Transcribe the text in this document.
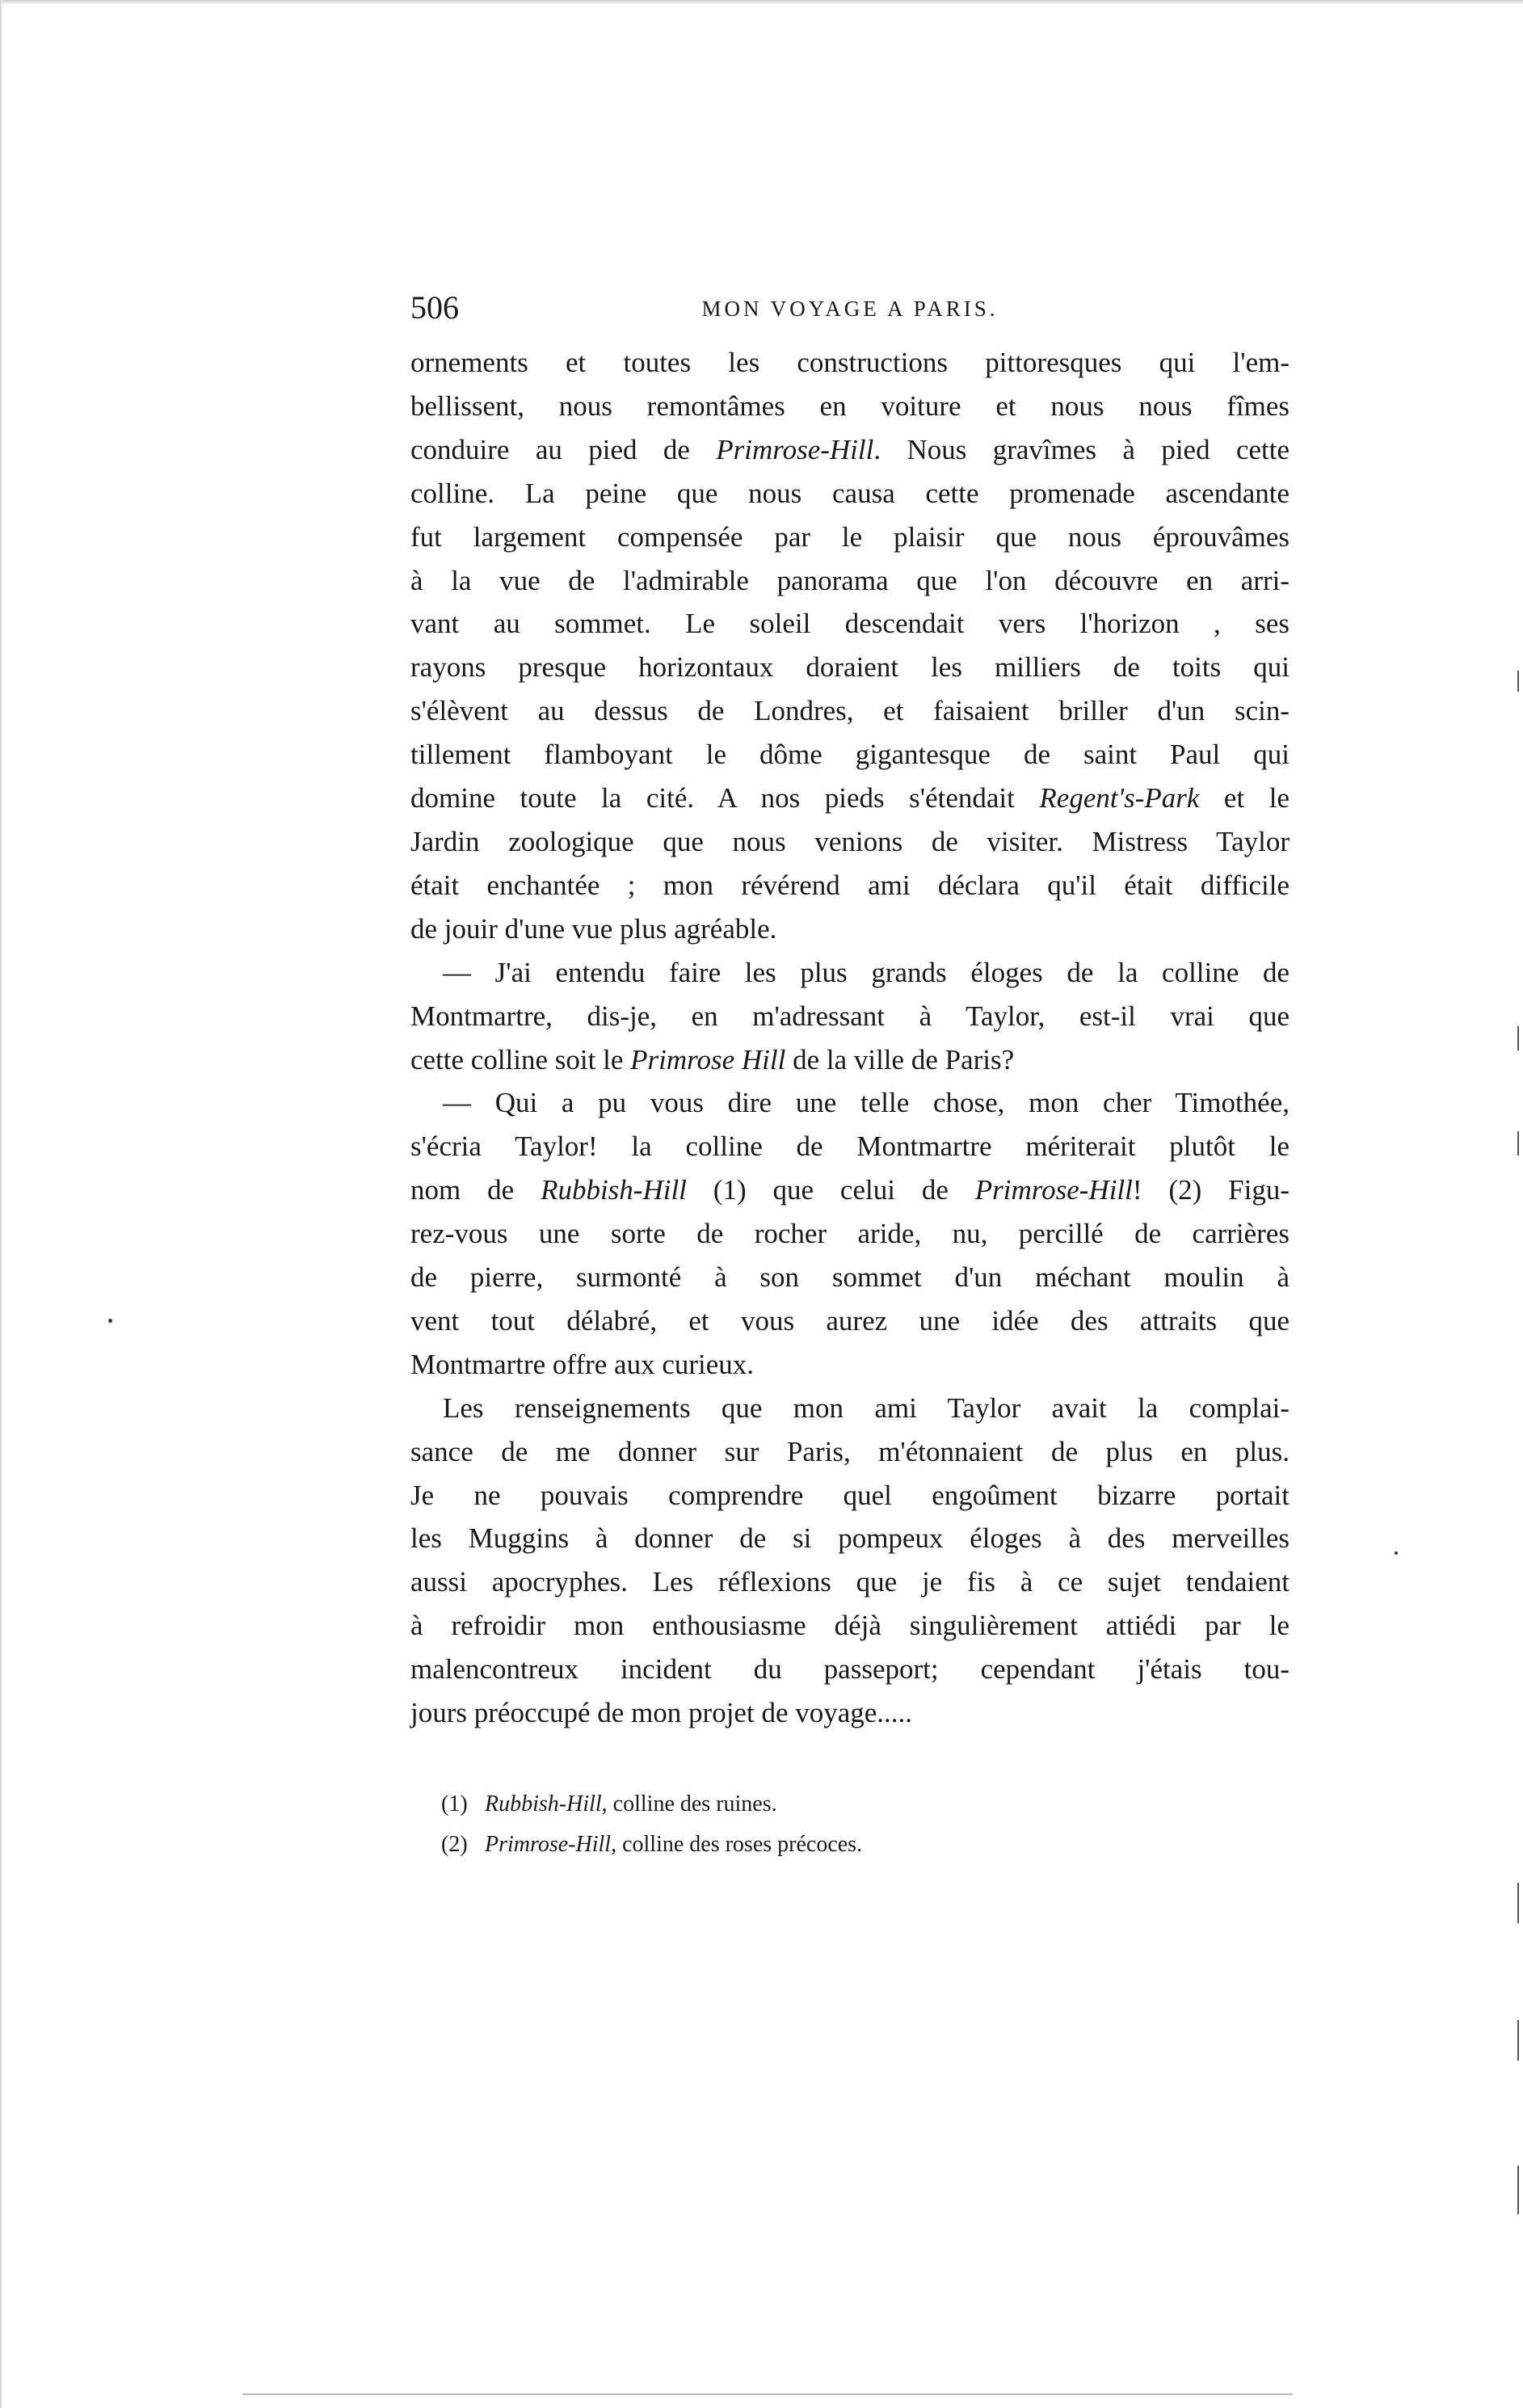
506	MON VOYAGE A PARIS.

ornements et toutes les constructions pittoresques qui l'em-
bellissent, nous remontâmes en voiture et nous nous fîmes
conduire au pied de Primrose-Hill. Nous gravîmes à pied cette
colline. La peine que nous causa cette promenade ascendante
fut largement compensée par le plaisir que nous éprouvâmes
à la vue de l'admirable panorama que l'on découvre en arri-
vant au sommet. Le soleil descendait vers l'horizon , ses
rayons presque horizontaux doraient les milliers de toits qui
s'élèvent au dessus de Londres, et faisaient briller d'un scin-
tillement flamboyant le dôme gigantesque de saint Paul qui
domine toute la cité. A nos pieds s'étendait Regent's-Park et le
Jardin zoologique que nous venions de visiter. Mistress Taylor
était enchantée ; mon révérend ami déclara qu'il était difficile
de jouir d'une vue plus agréable.

— J'ai entendu faire les plus grands éloges de la colline de
Montmartre, dis-je, en m'adressant à Taylor, est-il vrai que
cette colline soit le Primrose Hill de la ville de Paris?

— Qui a pu vous dire une telle chose, mon cher Timothée,
s'écria Taylor! la colline de Montmartre mériterait plutôt le
nom de Rubbish-Hill (1) que celui de Primrose-Hill! (2) Figu-
rez-vous une sorte de rocher aride, nu, percillé de carrières
de pierre, surmonté à son sommet d'un méchant moulin à
vent tout délabré, et vous aurez une idée des attraits que
Montmartre offre aux curieux.

Les renseignements que mon ami Taylor avait la complai-
sance de me donner sur Paris, m'étonnaient de plus en plus.
Je ne pouvais comprendre quel engoûment bizarre portait
les Muggins à donner de si pompeux éloges à des merveilles
aussi apocryphes. Les réflexions que je fis à ce sujet tendaient
à refroidir mon enthousiasme déjà singulièrement attiédi par le
malencontreux incident du passeport; cependant j'étais tou-
jours préoccupé de mon projet de voyage.....

(1) Rubbish-Hill, colline des ruines.

(2) Primrose-Hill, colline des roses précoces.
